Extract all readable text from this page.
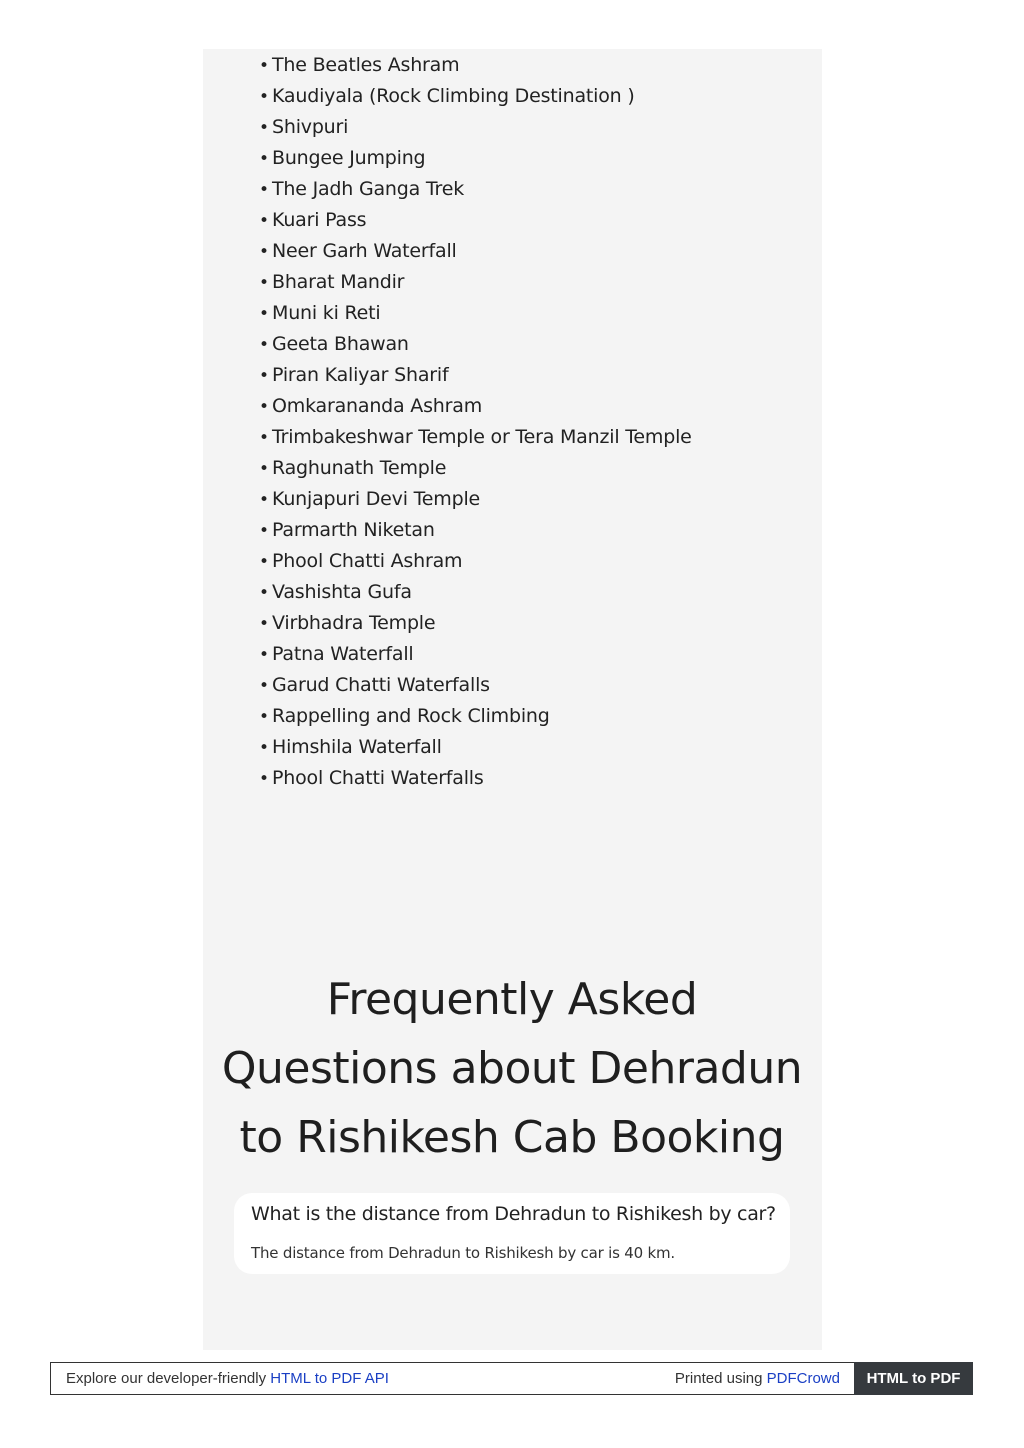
• The Beatles Ashram
• Kaudiyala (Rock Climbing Destination )
• Shivpuri
• Bungee Jumping
• The Jadh Ganga Trek
• Kuari Pass
• Neer Garh Waterfall
• Bharat Mandir
• Muni ki Reti
• Geeta Bhawan
• Piran Kaliyar Sharif
• Omkarananda Ashram
• Trimbakeshwar Temple or Tera Manzil Temple
• Raghunath Temple
• Kunjapuri Devi Temple
• Parmarth Niketan
• Phool Chatti Ashram
• Vashishta Gufa
• Virbhadra Temple
• Patna Waterfall
• Garud Chatti Waterfalls
• Rappelling and Rock Climbing
• Himshila Waterfall
• Phool Chatti Waterfalls
Frequently Asked
Questions about Dehradun
to Rishikesh Cab Booking
What is the distance from Dehradun to Rishikesh by car?
The distance from Dehradun to Rishikesh by car is 40 km.
Explore our developer-friendly HTML to PDF API	Printed using PDFCrowd	HTML to PDF
